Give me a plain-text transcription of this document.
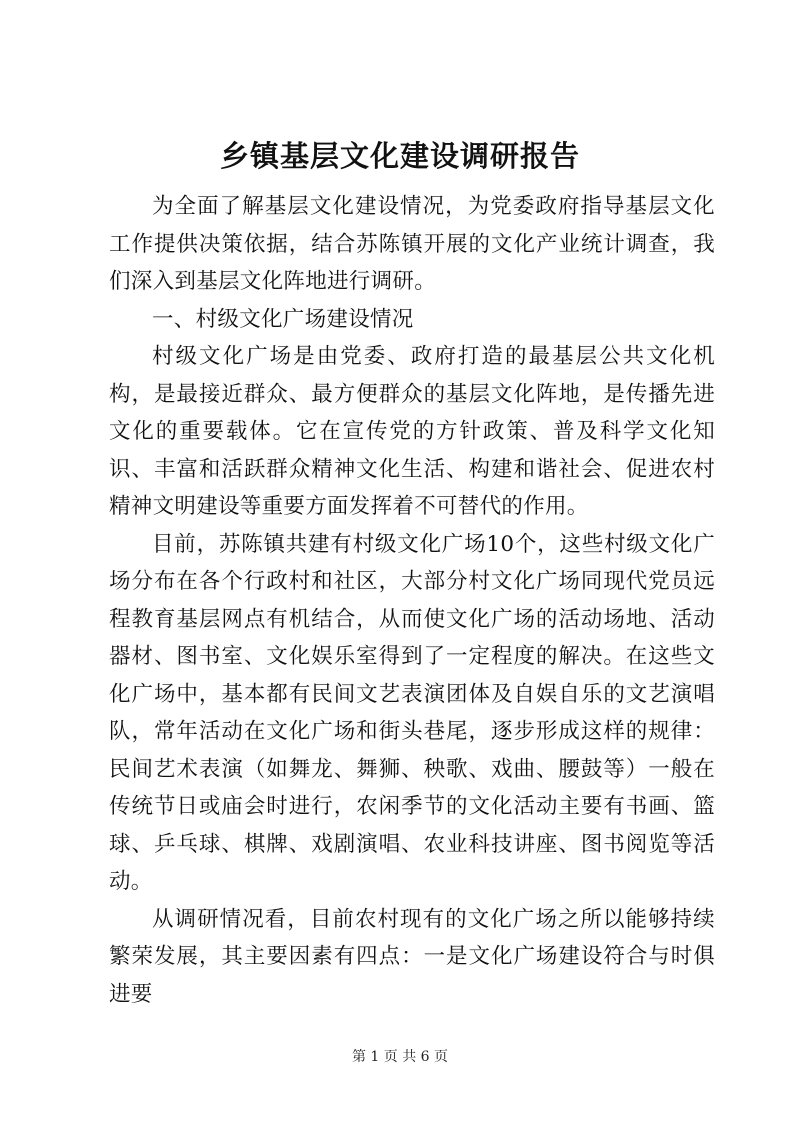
乡镇基层文化建设调研报告

为全面了解基层文化建设情况，为党委政府指导基层文化工作提供决策依据，结合苏陈镇开展的文化产业统计调查，我们深入到基层文化阵地进行调研。

一、村级文化广场建设情况

村级文化广场是由党委、政府打造的最基层公共文化机构，是最接近群众、最方便群众的基层文化阵地，是传播先进文化的重要载体。它在宣传党的方针政策、普及科学文化知识、丰富和活跃群众精神文化生活、构建和谐社会、促进农村精神文明建设等重要方面发挥着不可替代的作用。

目前，苏陈镇共建有村级文化广场10个，这些村级文化广场分布在各个行政村和社区，大部分村文化广场同现代党员远程教育基层网点有机结合，从而使文化广场的活动场地、活动器材、图书室、文化娱乐室得到了一定程度的解决。在这些文化广场中，基本都有民间文艺表演团体及自娱自乐的文艺演唱队，常年活动在文化广场和街头巷尾，逐步形成这样的规律：民间艺术表演（如舞龙、舞狮、秧歌、戏曲、腰鼓等）一般在传统节日或庙会时进行，农闲季节的文化活动主要有书画、篮球、乒乓球、棋牌、戏剧演唱、农业科技讲座、图书阅览等活动。

从调研情况看，目前农村现有的文化广场之所以能够持续繁荣发展，其主要因素有四点：一是文化广场建设符合与时俱进要

第 1 页 共 6 页
